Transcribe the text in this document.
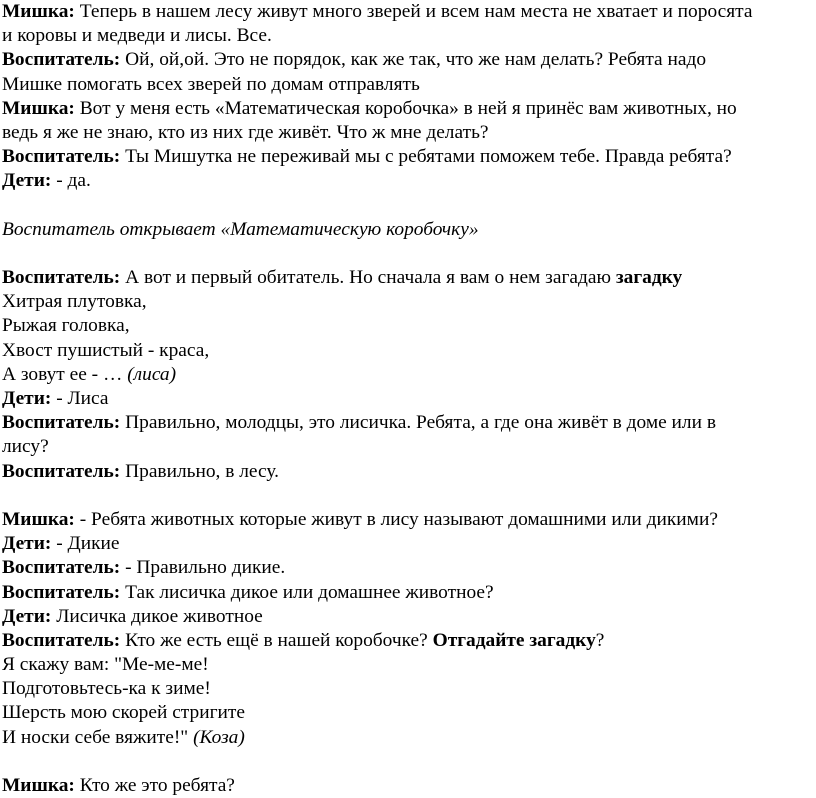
Мишка: Теперь в нашем лесу живут много зверей и всем нам места не хватает и поросята
и коровы и медведи и лисы. Все.
Воспитатель: Ой, ой,ой. Это не порядок, как же так, что же нам делать? Ребята надо
Мишке помогать всех зверей по домам отправлять
Мишка: Вот у меня есть «Математическая коробочка» в ней я принёс вам животных, но
ведь я же не знаю, кто из них где живёт. Что ж мне делать?
Воспитатель: Ты Мишутка не переживай мы с ребятами поможем тебе. Правда ребята?
Дети: - да.
Воспитатель открывает «Математическую коробочку»
Воспитатель: А вот и первый обитатель. Но сначала я вам о нем загадаю загадку
Хитрая плутовка,
Рыжая головка,
Хвост пушистый - краса,
А зовут ее - … (лиса)
Дети: - Лиса
Воспитатель: Правильно, молодцы, это лисичка. Ребята, а где она живёт в доме или в
лису?
Воспитатель: Правильно, в лесу.
Мишка: - Ребята животных которые живут в лису называют домашними или дикими?
Дети: - Дикие
Воспитатель: - Правильно дикие.
Воспитатель: Так лисичка дикое или домашнее животное?
Дети: Лисичка дикое животное
Воспитатель: Кто же есть ещё в нашей коробочке? Отгадайте загадку?
Я скажу вам: "Ме-ме-ме!
Подготовьтесь-ка к зиме!
Шерсть мою скорей стригите
И носки себе вяжите!" (Коза)
Мишка: Кто же это ребята?
